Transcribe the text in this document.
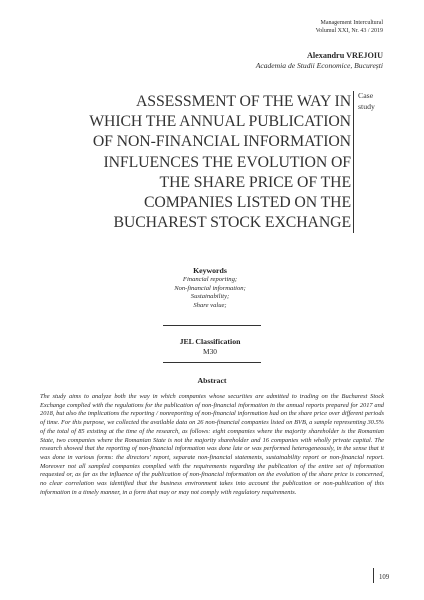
Management Intercultural
Volumul XXI, Nr. 43 / 2019
Alexandru VREJOIU
Academia de Studii Economice, București
ASSESSMENT OF THE WAY IN
WHICH THE ANNUAL PUBLICATION
OF NON-FINANCIAL INFORMATION
INFLUENCES THE EVOLUTION OF
THE SHARE PRICE OF THE
COMPANIES LISTED ON THE
BUCHAREST STOCK EXCHANGE
Case
study
Keywords
Financial reporting;
Non-financial information;
Sustainability;
Share value;
JEL Classification
M30
Abstract

The study aims to analyze both the way in which companies whose securities are admitted to trading on the Bucharest Stock Exchange complied with the regulations for the publication of non-financial information in the annual reports prepared for 2017 and 2018, but also the implications the reporting / nonreporting of non-financial information had on the share price over different periods of time. For this purpose, we collected the available data on 26 non-financial companies listed on BVB, a sample representing 30.5% of the total of 85 existing at the time of the research, as follows: eight companies where the majority shareholder is the Romanian State, two companies where the Romanian State is not the majority shareholder and 16 companies with wholly private capital. The research showed that the reporting of non-financial information was done late or was performed heterogeneously, in the sense that it was done in various forms: the directors' report, separate non-financial statements, sustainability report or non-financial report. Moreover not all sampled companies complied with the requirements regarding the publication of the entire set of information requested or, as far as the influence of the publication of non-financial information on the evolution of the share price is concerned, no clear correlation was identified that the business environment takes into account the publication or non-publication of this information in a timely manner, in a form that may or may not comply with regulatory requirements.

109
